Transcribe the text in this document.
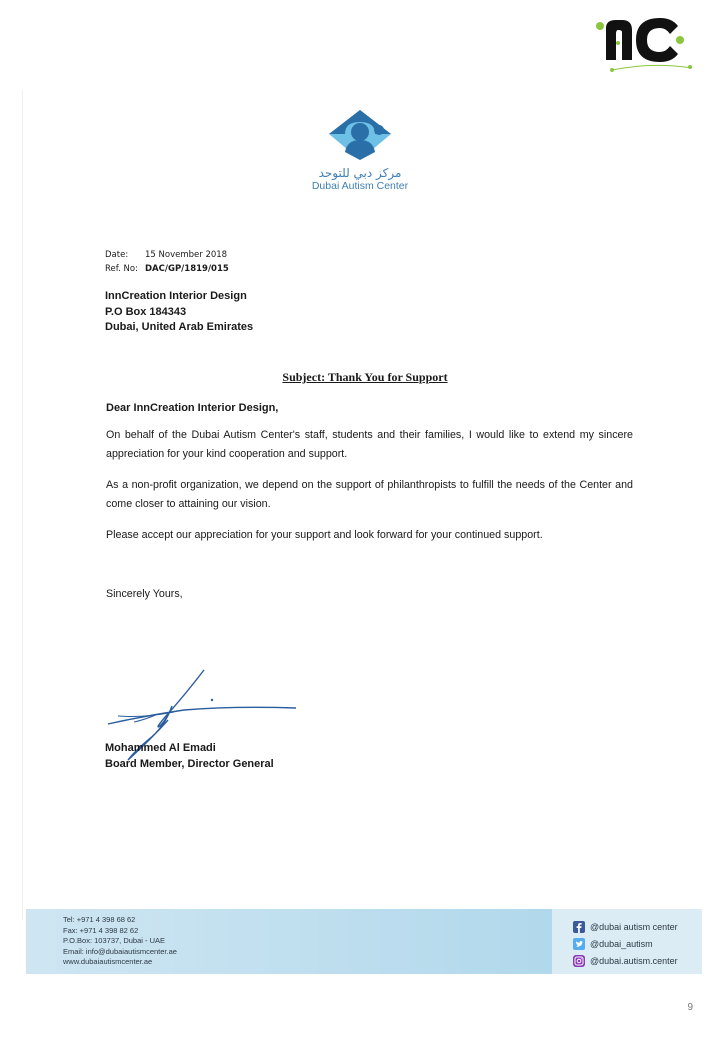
مركز دبي للتوحد
Dubai Autism Center
Date: 15 November 2018
Ref. No: DAC/GP/1819/015
InnCreation Interior Design
P.O Box 184343
Dubai, United Arab Emirates
Subject: Thank You for Support
Dear InnCreation Interior Design,
On behalf of the Dubai Autism Center's staff, students and their families, I would like to extend my sincere appreciation for your kind cooperation and support.
As a non-profit organization, we depend on the support of philanthropists to fulfill the needs of the Center and come closer to attaining our vision.
Please accept our appreciation for your support and look forward for your continued support.
Sincerely Yours,
Mohammed Al Emadi
Board Member, Director General
Tel: +971 4 398 68 62
Fax: +971 4 398 82 62
P.O.Box: 103737, Dubai - UAE
Email: info@dubaiautismcenter.ae
www.dubaiautismcenter.ae
@dubai autism center
@dubai_autism
@dubai.autism.center
9
